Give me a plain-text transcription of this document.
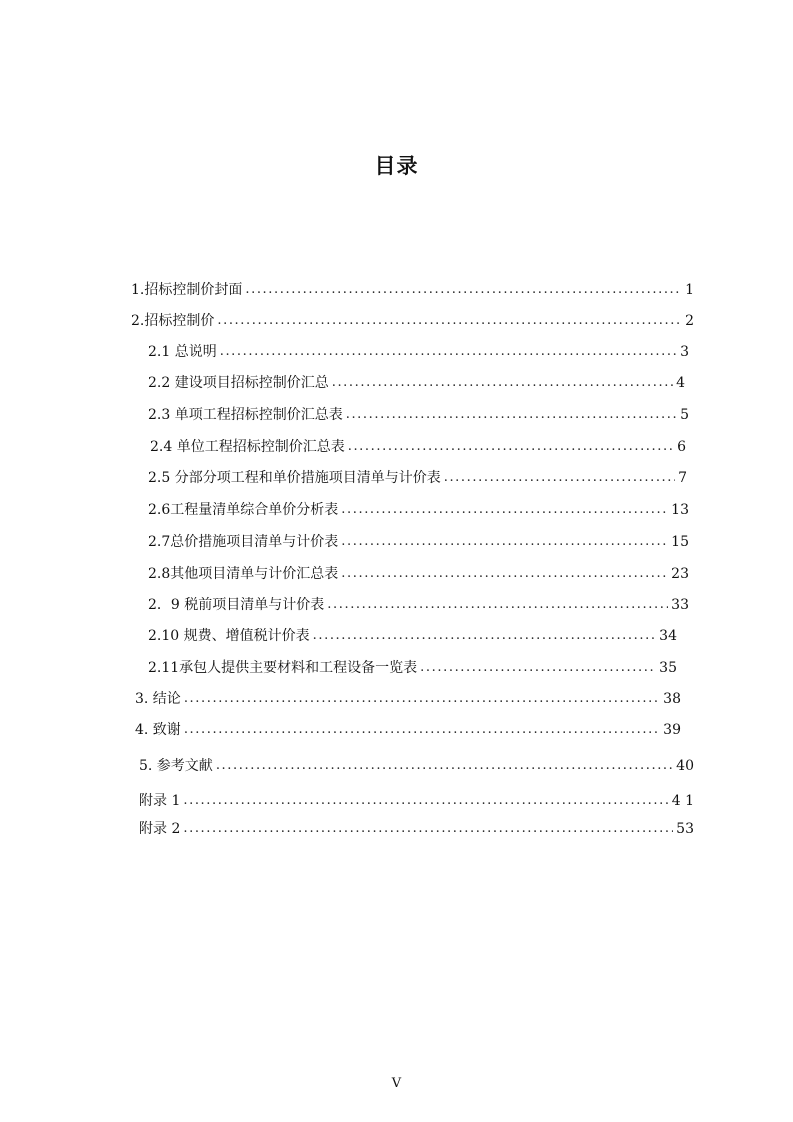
目录
1.招标控制价封面 .....	1
2.招标控制价 .....	2
2.1 总说明 .....	3
2.2 建设项目招标控制价汇总 .....	4
2.3 单项工程招标控制价汇总表 .....	5
2.4 单位工程招标控制价汇总表 .....	6
2.5 分部分项工程和单价措施项目清单与计价表 .....	7
2.6工程量清单综合单价分析表 .....	13
2.7总价措施项目清单与计价表 .....	15
2.8其他项目清单与计价汇总表 .....	23
2．9 税前项目清单与计价表 .....	33
2.10 规费、增值税计价表 .....	34
2.11承包人提供主要材料和工程设备一览表 .....	35
3. 结论 .....	38
4. 致谢 .....	39
5. 参考文献 .....	40
附录 1 .....	4 1
附录 2 .....	53
V
